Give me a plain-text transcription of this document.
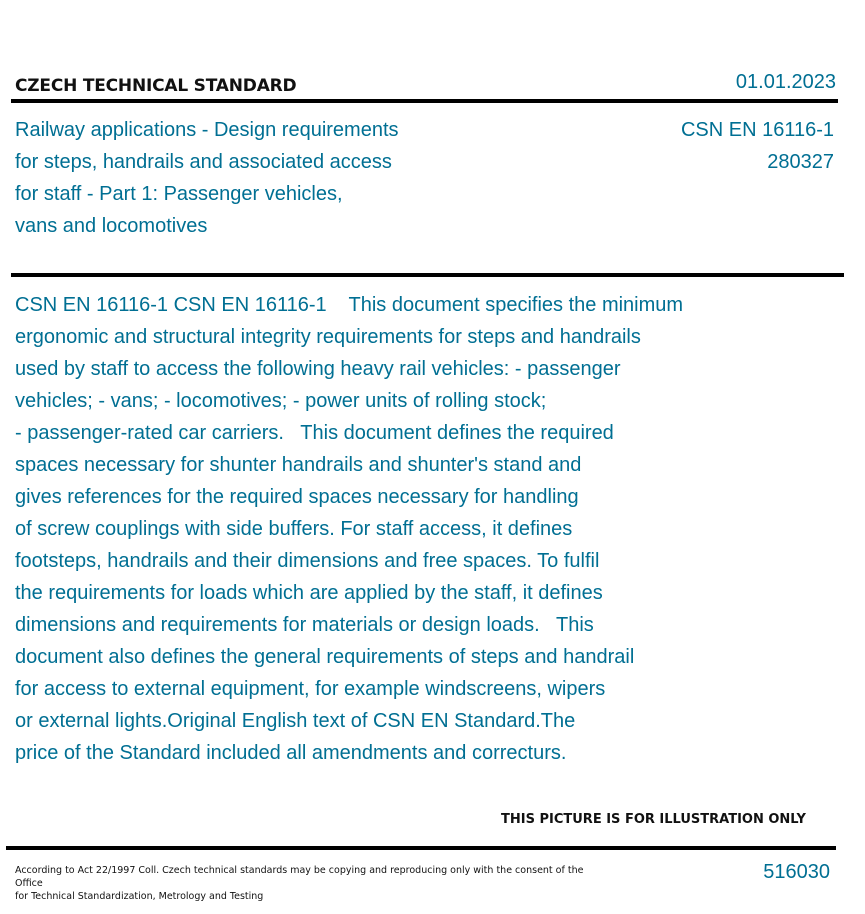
CZECH TECHNICAL STANDARD	01.01.2023
Railway applications - Design requirements
for steps, handrails and associated access
for staff - Part 1: Passenger vehicles,
vans and locomotives
CSN EN 16116-1
280327
CSN EN 16116-1 CSN EN 16116-1    This document specifies the minimum
ergonomic and structural integrity requirements for steps and handrails
used by staff to access the following heavy rail vehicles: - passenger
vehicles; - vans; - locomotives; - power units of rolling stock;
- passenger-rated car carriers.   This document defines the required
spaces necessary for shunter handrails and shunter's stand and
gives references for the required spaces necessary for handling
of screw couplings with side buffers. For staff access, it defines
footsteps, handrails and their dimensions and free spaces. To fulfil
the requirements for loads which are applied by the staff, it defines
dimensions and requirements for materials or design loads.   This
document also defines the general requirements of steps and handrail
for access to external equipment, for example windscreens, wipers
or external lights.Original English text of CSN EN Standard.The
price of the Standard included all amendments and correcturs.
THIS PICTURE IS FOR ILLUSTRATION ONLY
According to Act 22/1997 Coll. Czech technical standards may be copying and reproducing only with the consent of the Office
for Technical Standardization, Metrology and Testing
516030
